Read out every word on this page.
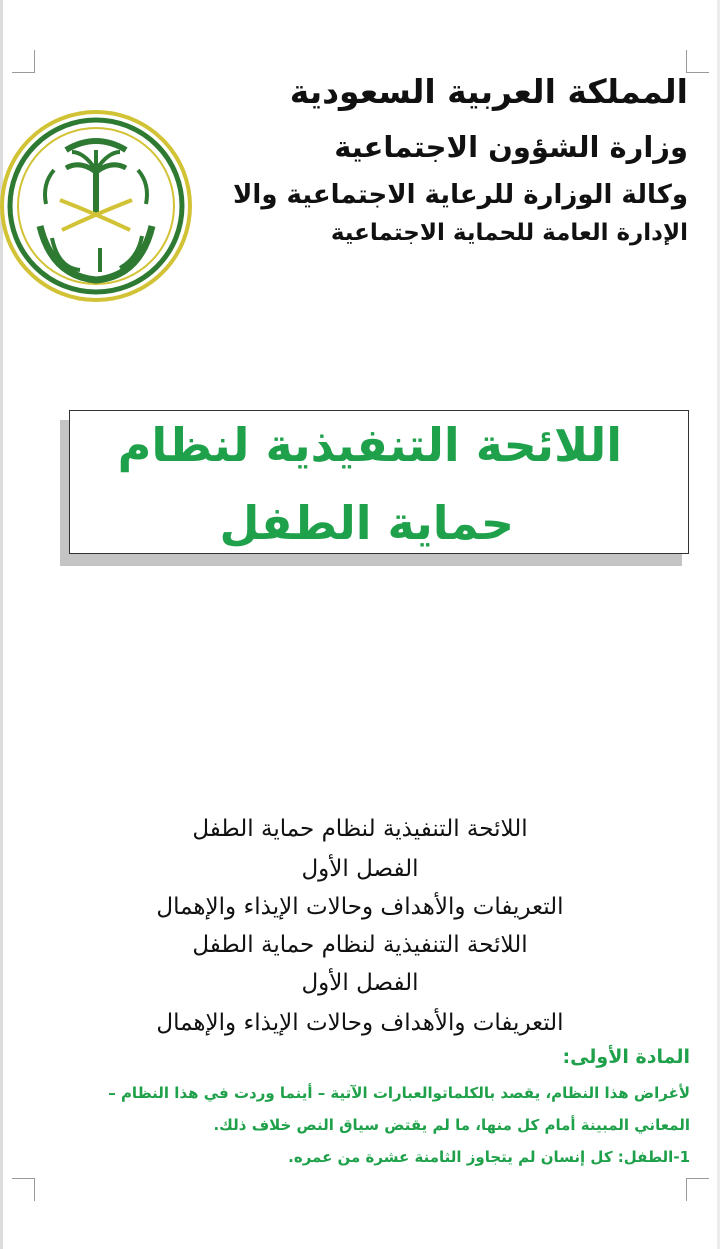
المملكة العربية السعودية
وزارة الشؤون الاجتماعية
وكالة الوزارة للرعاية الاجتماعية والا
الإدارة العامة للحماية الاجتماعية
اللائحة التنفيذية لنظام
حماية الطفل
اللائحة التنفيذية لنظام حماية الطفل
الفصل الأول
التعريفات والأهداف وحالات الإيذاء والإهمال
اللائحة التنفيذية لنظام حماية الطفل
الفصل الأول
التعريفات والأهداف وحالات الإيذاء والإهمال
المادة الأولى:
لأغراض هذا النظام، يقصد بالكلماتوالعبارات الآتية – أينما وردت في هذا النظام –
المعاني المبينة أمام كل منها، ما لم يقتض سياق النص خلاف ذلك.
1-الطفل: كل إنسان لم يتجاوز الثامنة عشرة من عمره.
